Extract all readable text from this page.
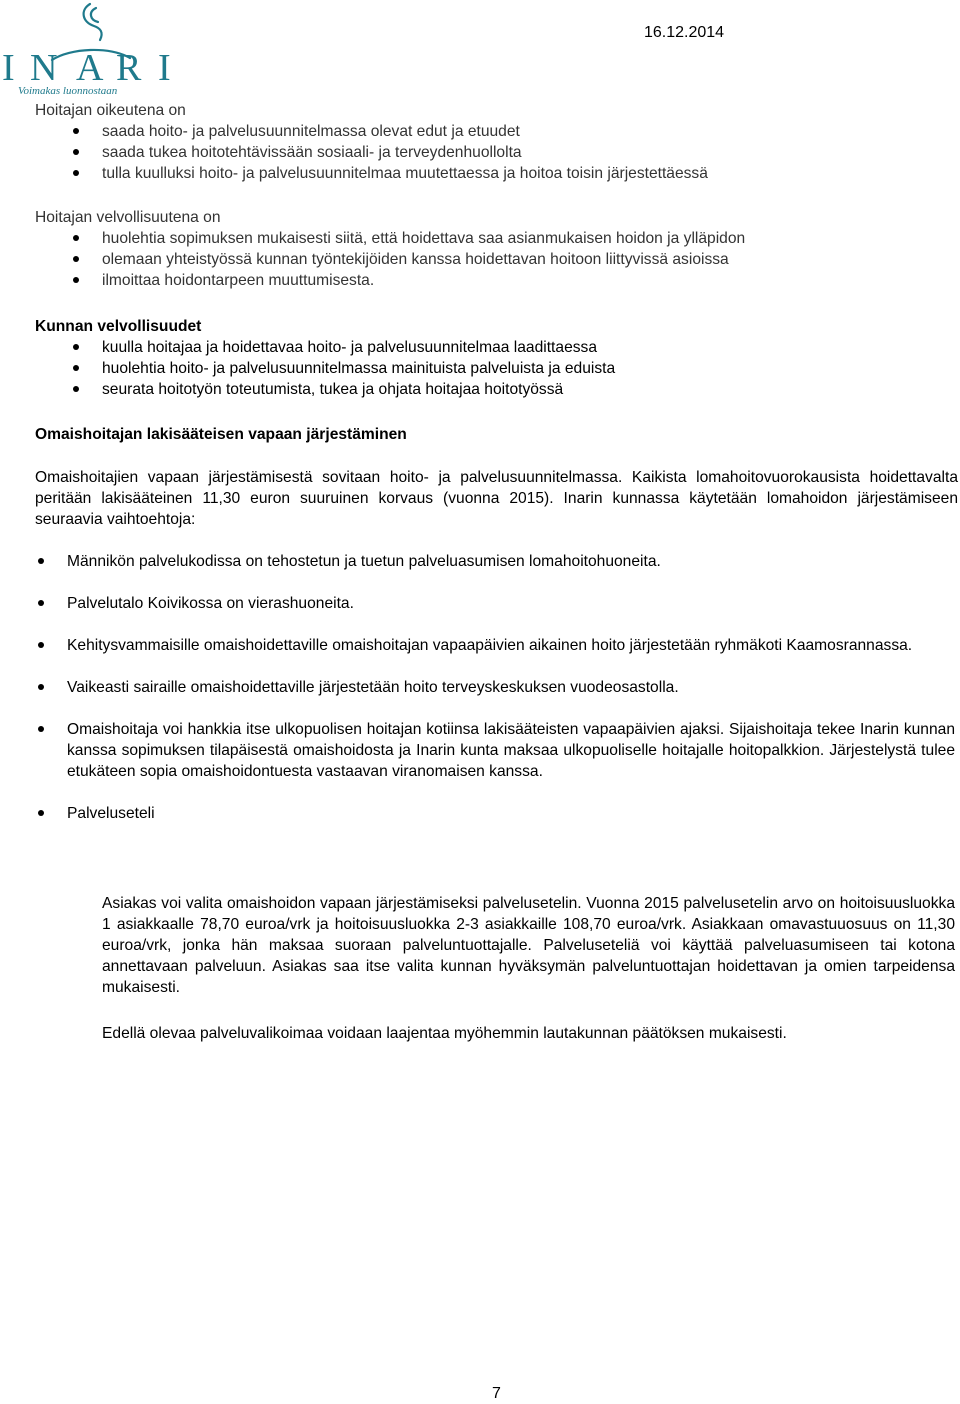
I N A R I
Voimakas luonnostaan
16.12.2014
Hoitajan oikeutena on
saada hoito- ja palvelusuunnitelmassa olevat edut ja etuudet
saada tukea hoitotehtävissään sosiaali- ja terveydenhuollolta
tulla kuulluksi hoito- ja palvelusuunnitelmaa muutettaessa ja hoitoa toisin järjestettäessä
Hoitajan velvollisuutena on
huolehtia sopimuksen mukaisesti siitä, että hoidettava saa asianmukaisen hoidon ja ylläpidon
olemaan yhteistyössä kunnan työntekijöiden kanssa hoidettavan hoitoon liittyvissä asioissa
ilmoittaa hoidontarpeen muuttumisesta.
Kunnan velvollisuudet
kuulla hoitajaa ja hoidettavaa hoito- ja palvelusuunnitelmaa laadittaessa
huolehtia hoito- ja palvelusuunnitelmassa mainituista palveluista ja eduista
seurata hoitotyön toteutumista, tukea ja ohjata hoitajaa hoitotyössä
Omaishoitajan lakisääteisen vapaan järjestäminen
Omaishoitajien vapaan järjestämisestä sovitaan hoito- ja palvelusuunnitelmassa. Kaikista lomahoitovuorokausista hoidettavalta peritään lakisääteinen 11,30 euron suuruinen korvaus (vuonna 2015). Inarin kunnassa käytetään lomahoidon järjestämiseen seuraavia vaihtoehtoja:
Männikön palvelukodissa on tehostetun ja tuetun palveluasumisen lomahoitohuoneita.
Palvelutalo Koivikossa on vierashuoneita.
Kehitysvammaisille omaishoidettaville omaishoitajan vapaapäivien aikainen hoito järjestetään ryhmäkoti Kaamosrannassa.
Vaikeasti sairaille omaishoidettaville järjestetään hoito terveyskeskuksen vuodeosastolla.
Omaishoitaja voi hankkia itse ulkopuolisen hoitajan kotiinsa lakisääteisten vapaapäivien ajaksi. Sijaishoitaja tekee Inarin kunnan kanssa sopimuksen tilapäisestä omaishoidosta ja Inarin kunta maksaa ulkopuoliselle hoitajalle hoitopalkkion. Järjestelystä tulee etukäteen sopia omaishoidontuesta vastaavan viranomaisen kanssa.
Palveluseteli
Asiakas voi valita omaishoidon vapaan järjestämiseksi palvelusetelin. Vuonna 2015 palvelusetelin arvo on hoitoisuusluokka 1 asiakkaalle 78,70 euroa/vrk ja hoitoisuusluokka 2-3 asiakkaille 108,70 euroa/vrk. Asiakkaan omavastuuosuus on 11,30 euroa/vrk, jonka hän maksaa suoraan palveluntuottajalle. Palveluseteliä voi käyttää palveluasumiseen tai kotona annettavaan palveluun. Asiakas saa itse valita kunnan hyväksymän palveluntuottajan hoidettavan ja omien tarpeidensa mukaisesti.
Edellä olevaa palveluvalikoimaa voidaan laajentaa myöhemmin lautakunnan päätöksen mukaisesti.
7
